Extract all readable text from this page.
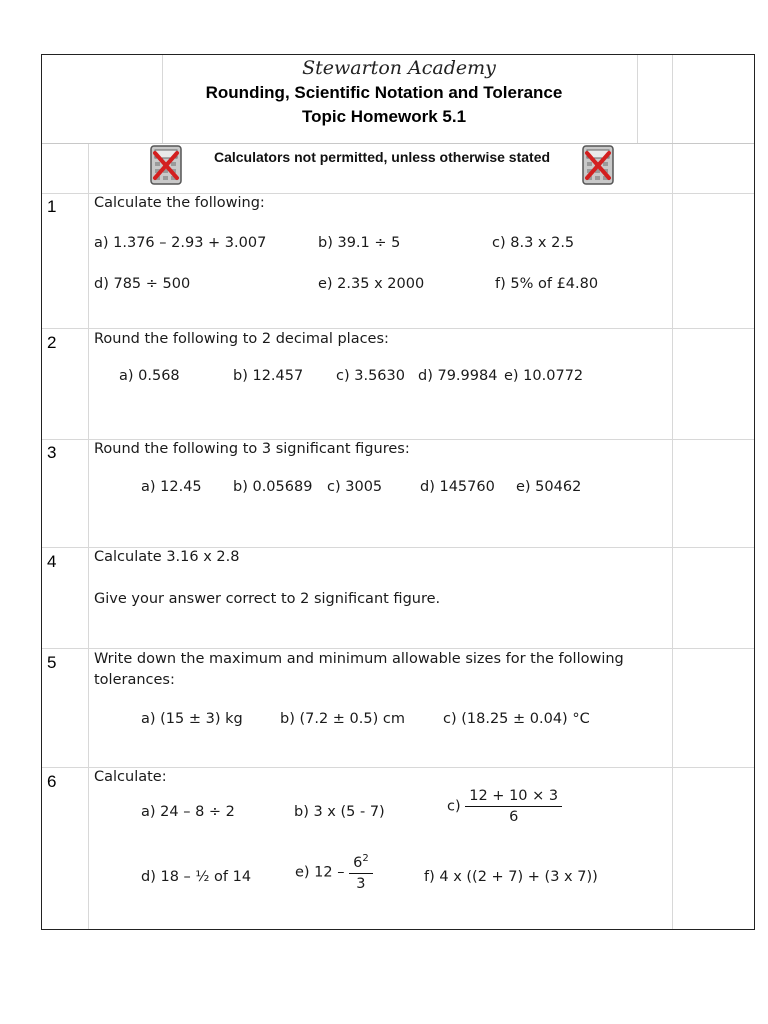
Stewarton Academy
Rounding, Scientific Notation and Tolerance
Topic Homework 5.1
Calculators not permitted, unless otherwise stated
1	Calculate the following:
a) 1.376 – 2.93 + 3.007	b) 39.1 ÷ 5	c) 8.3 x 2.5
d) 785 ÷ 500	e) 2.35 x 2000	f) 5% of £4.80
2	Round the following to 2 decimal places:
a) 0.568	b) 12.457 c) 3.5630 d) 79.9984 e) 10.0772
3	Round the following to 3 significant figures:
a) 12.45 b) 0.05689 c) 3005	d) 145760 e) 50462
4	Calculate 3.16 x 2.8
Give your answer correct to 2 significant figure.
5	Write down the maximum and minimum allowable sizes for the following
tolerances:
a) (15 ± 3) kg	b) (7.2 ± 0.5) cm	c) (18.25 ± 0.04) °C
6	Calculate:
a) 24 – 8 ÷ 2	b) 3 x (5 - 7)	$c) \frac{12 + 10 \times 3}{6}$
d) 18 – ½ of 14	e) $12 - \frac{6^2}{3}$	f) 4 x ((2 + 7) + (3 x 7))
